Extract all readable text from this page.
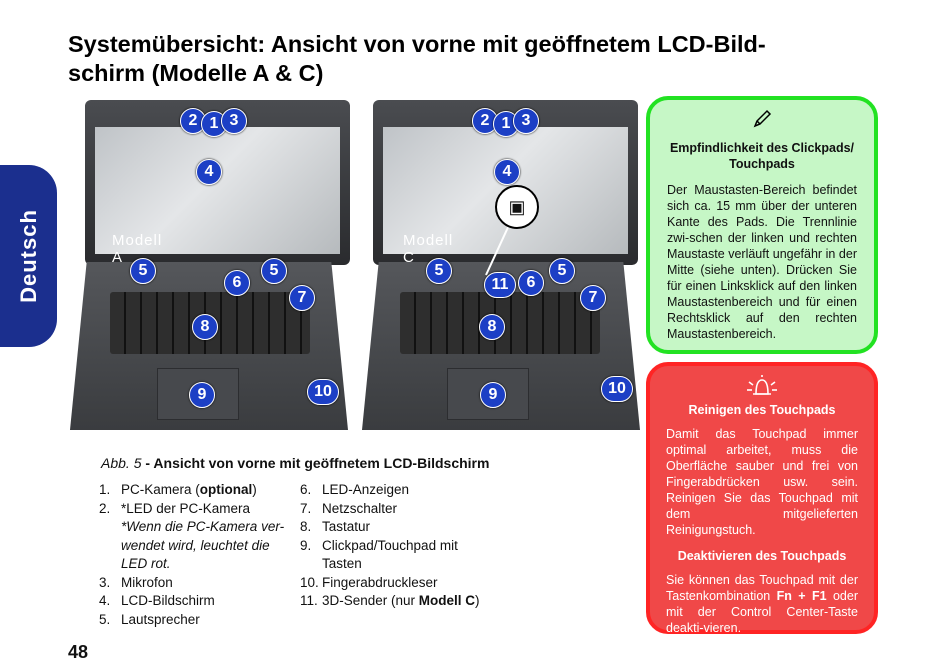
Systemübersicht: Ansicht von vorne mit geöffnetem LCD-Bild-schirm (Modelle A & C)
Deutsch	Modell A
Modell C
▣
2 1 3
4
5
6
5
7
8
9	10
2 1 3
4
5
11	6
5
7
8
9	10
Abb. 5 - Ansicht von vorne mit geöffnetem LCD-Bildschirm
1. PC-Kamera (optional)
2. *LED der PC-Kamera
*Wenn die PC-Kamera ver-wendet wird, leuchtet die LED rot.
3. Mikrofon
4. LCD-Bildschirm
5. Lautsprecher
6. LED-Anzeigen
7. Netzschalter
8. Tastatur
9. Clickpad/Touchpad mit Tasten
10. Fingerabdruckleser
11. 3D-Sender (nur Modell C)
48
Empfindlichkeit des Clickpads/ Touchpads
Der Maustasten-Bereich befindet sich ca. 15 mm über der unteren Kante des Pads. Die Trennlinie zwi-schen der linken und rechten Maustaste verläuft ungefähr in der Mitte (siehe unten). Drücken Sie für einen Linksklick auf den linken Maustastenbereich und für einen Rechtsklick auf den rechten Maustastenbereich.
Reinigen des Touchpads
Damit das Touchpad immer optimal arbeitet, muss die Oberfläche sauber und frei von Fingerabdrücken usw. sein. Reinigen Sie das Touchpad mit dem mitgelieferten Reinigungstuch.
Deaktivieren des Touchpads
Sie können das Touchpad mit der Tastenkombination Fn + F1 oder mit der Control Center-Taste deakti-vieren.
